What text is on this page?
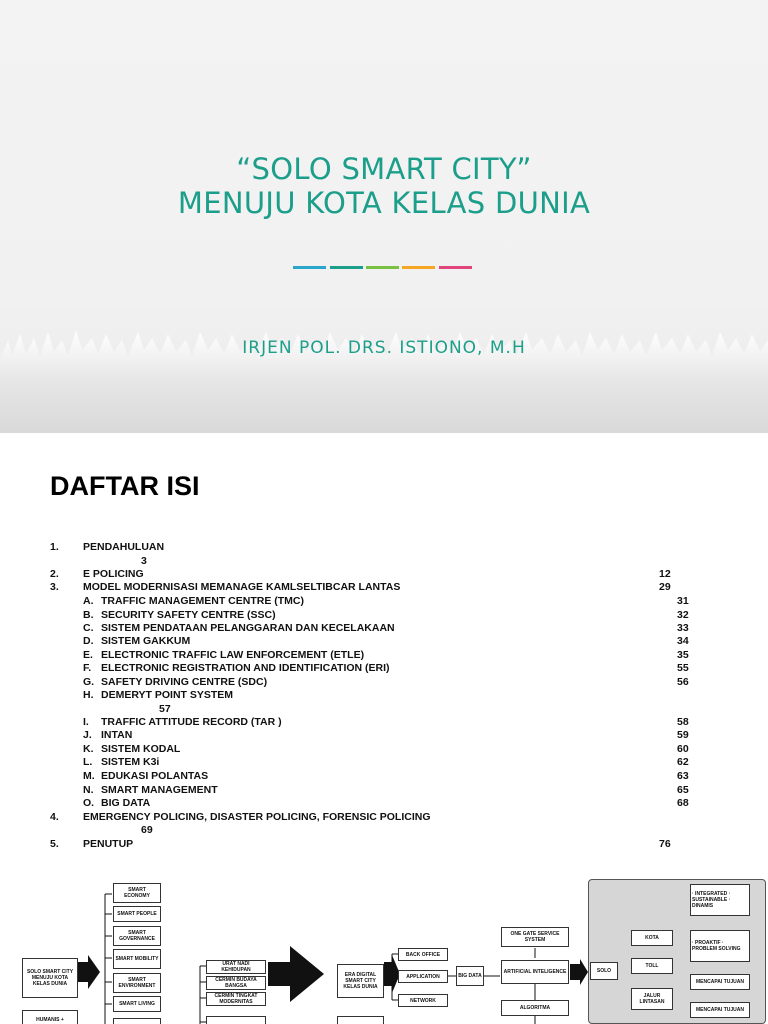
“SOLO SMART CITY”
MENUJU KOTA KELAS DUNIA
IRJEN POL. DRS. ISTIONO, M.H
DAFTAR ISI
1. PENDAHULUAN
3
2. E POLICING	12
3. MODEL MODERNISASI MEMANAGE KAMLSELTIBCAR LANTAS	29
A. TRAFFIC MANAGEMENT CENTRE (TMC)	31
B. SECURITY SAFETY CENTRE (SSC)	32
C. SISTEM PENDATAAN PELANGGARAN DAN KECELAKAAN	33
D. SISTEM GAKKUM	34
E. ELECTRONIC TRAFFIC LAW ENFORCEMENT (ETLE)	35
F. ELECTRONIC REGISTRATION AND IDENTIFICATION (ERI)	55
G. SAFETY DRIVING CENTRE (SDC)	56
H. DEMERYT POINT SYSTEM
57
I. TRAFFIC ATTITUDE RECORD (TAR )	58
J. INTAN	59
K. SISTEM KODAL	60
L. SISTEM K3i	62
M. EDUKASI POLANTAS	63
N. SMART MANAGEMENT	65
O. BIG DATA	68
4. EMERGENCY POLICING, DISASTER POLICING, FORENSIC POLICING
69
5. PENUTUP	76
SOLO SMART CITY MENUJU KOTA KELAS DUNIA
HUMANIS +
SMART ECONOMY
SMART PEOPLE
SMART GOVERNANCE
SMART MOBILITY
SMART ENVIRONMENT
SMART LIVING
URAT NADI KEHIDUPAN
CERMIN BUDAYA BANGSA
CERMIN TINGKAT MODERNITAS
ERA DIGITAL SMART CITY KELAS DUNIA
BACK OFFICE
APPLICATION
NETWORK
BIG DATA
ONE GATE SERVICE SYSTEM
ARTIFICIAL INTELIGENCE
ALGORITMA
SOLO
KOTA
TOLL
JALUR LINTASAN
· INTEGRATED · SUSTAINABLE · DINAMIS
· PROAKTIF · PROBLEM SOLVING
MENCAPAI TUJUAN
MENCAPAI TUJUAN
